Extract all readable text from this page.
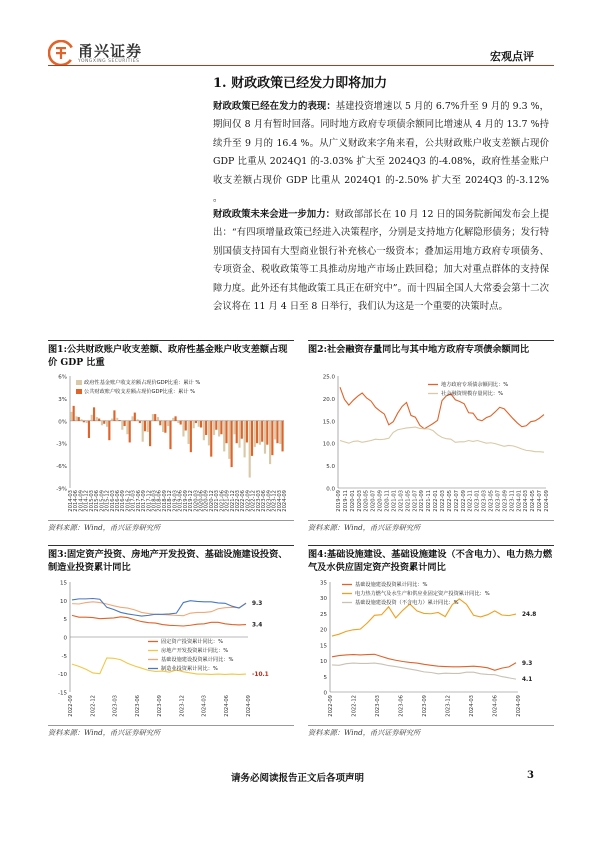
甬兴证券
YONGXING SECURITIES	宏观点评
1. 财政政策已经发力即将加力
财政政策已经在发力的表现：基建投资增速以 5 月的 6.7%升至 9 月的 9.3 %，期间仅 8 月有暂时回落。同时地方政府专项债余额同比增速从 4 月的 13.7 %持续升至 9 月的 16.4 %。从广义财政来字角来看，公共财政账户收支差额占现价 GDP 比重从 2024Q1 的-3.03% 扩大至 2024Q3 的-4.08%，政府性基金账户收支差额占现价 GDP 比重从 2024Q1 的-2.50% 扩大至 2024Q3 的-3.12% 。
财政政策未来会进一步加力：财政部部长在 10 月 12 日的国务院新闻发布会上提出：“有四项增量政策已经进入决策程序，分别是支持地方化解隐形债务；发行特别国债支持国有大型商业银行补充核心一级资本；叠加运用地方政府专项债务、专项资金、税收政策等工具推动房地产市场止跌回稳；加大对重点群体的支持保障力度。此外还有其他政策工具正在研究中”。而十四届全国人大常委会第十二次会议将在 11 月 4 日至 8 日举行，我们认为这是一个重要的决策时点。
图1:公共财政账户收支差额、政府性基金账户收支差额占现价 GDP 比重
6%
3%
0%
-3%
-6%
-9%
2014-03 2014-06 2014-09 2014-12 2015-03 2015-06 2015-09 2015-12 2016-03 2016-06 2016-09 2016-12 2017-03 2017-06 2017-09 2017-12 2018-03 2018-06 2018-09 2018-12 2019-03 2019-06 2019-09 2019-12 2020-03 2020-06 2020-09 2020-12 2021-03 2021-06 2021-09 2021-12 2022-03 2022-06 2022-09 2022-12 2023-03 2023-06 2023-09 2023-12 2024-03 2024-09
政府性基金账户收支差额占现价GDP比重：累计 %
公共财政账户收支差额占现价GDP比重：累计 %
资料来源：Wind，甬兴证券研究所
图2:社会融资存量同比与其中地方政府专项债余额同比
25.0
20.0
15.0
10.0
5.0
0.0
2019-09 2019-11 2020-01 2020-03 2020-05 2020-07 2020-09 2020-11 2021-01 2021-03 2021-05 2021-07 2021-09 2021-11 2022-01 2022-03 2022-05 2022-07 2022-09 2022-11 2023-01 2023-03 2023-05 2023-07 2023-09 2023-11 2024-01 2024-03 2024-05 2024-07 2024-09
地方政府专项债余额同比：%
社会融资规模存量同比：%
资料来源：Wind，甬兴证券研究所
图3:固定资产投资、房地产开发投资、基础设施建设投资、制造业投资累计同比
15
10
5
0
-5
-10
-15
2022-09	2022-12	2023-03	2023-06	2023-09	2023-12	2024-03	2024-06	2024-09
9.3
3.4
-10.1
固定资产投资累计同比：%
房地产开发投资累计同比：%
基础设施建设投资累计同比：%
制造业投资累计同比：%
资料来源：Wind，甬兴证券研究所
图4:基础设施建设、基础设施建设（不含电力）、电力热力燃气及水供应固定资产投资累计同比
35
30
25
20
15
10
5
0
2022-09	2022-12	2023-03	2023-06	2023-09	2023-12	2024-03	2024-06	2024-09
24.8
9.3
4.1
基础设施建设投资累计同比：%
电力热力燃气及水生产和供应业固定资产投资累计同比：%
基础设施建设投资（不含电力）累计同比：%
资料来源：Wind，甬兴证券研究所
请务必阅读报告正文后各项声明	3
